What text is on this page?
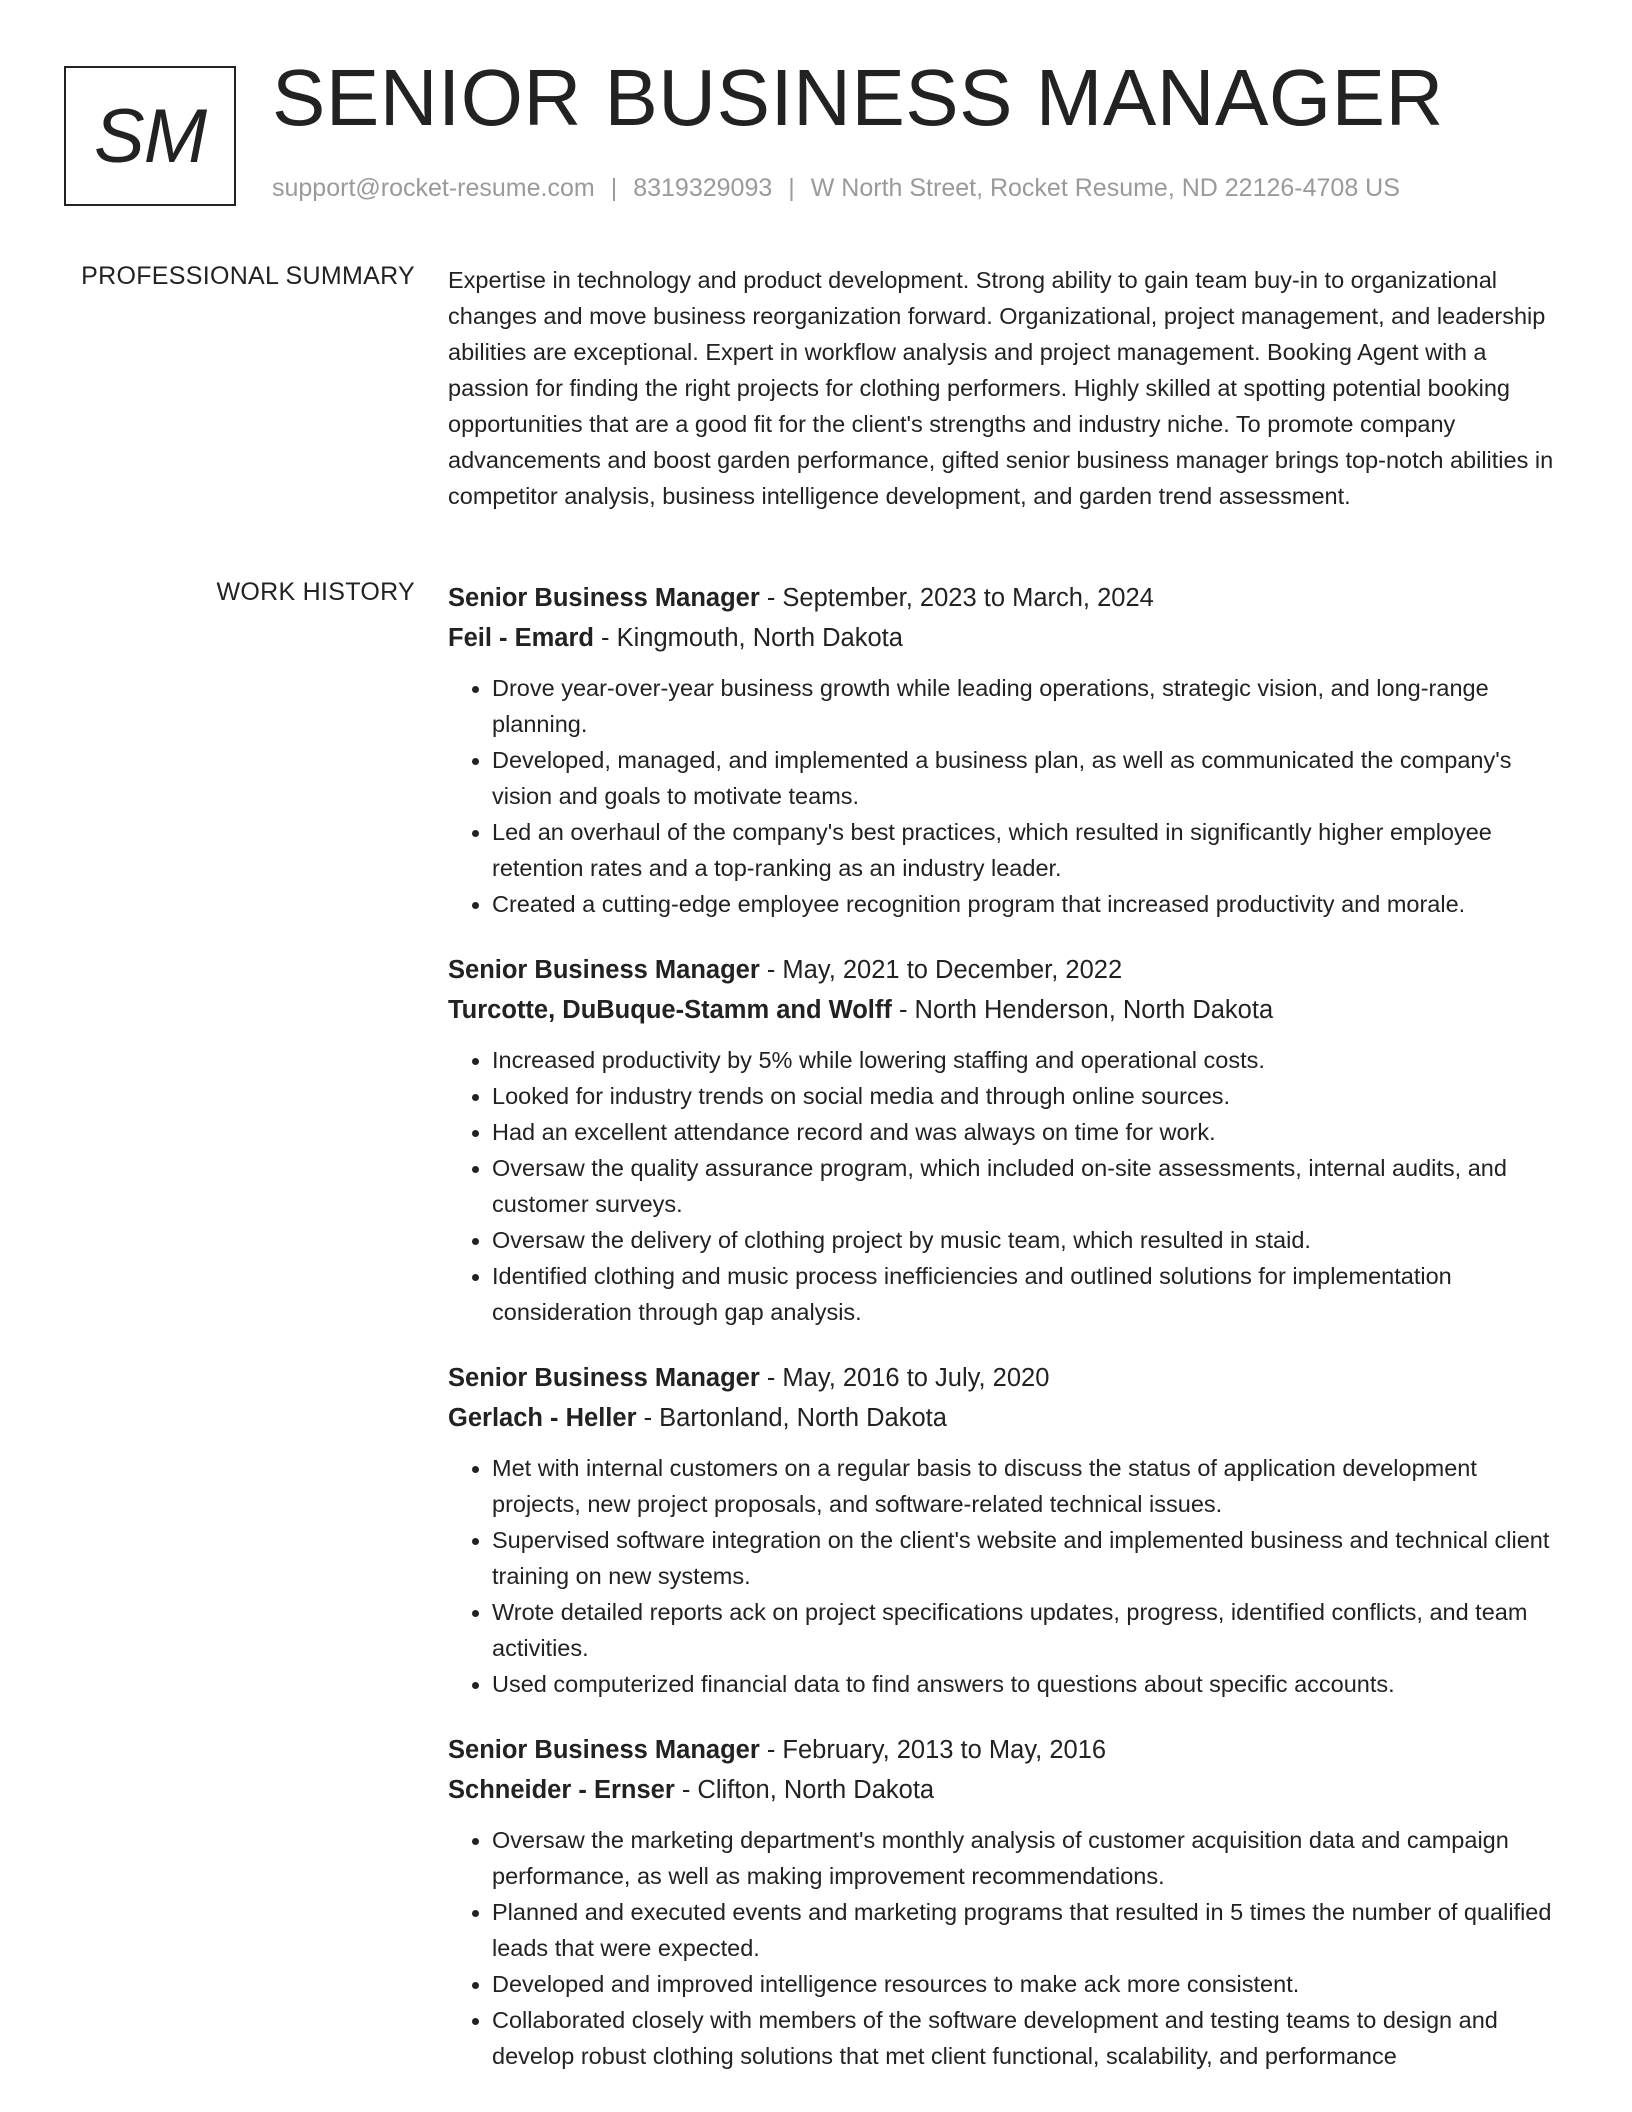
SM SENIOR BUSINESS MANAGER
support@rocket-resume.com | 8319329093 | W North Street, Rocket Resume, ND 22126-4708 US
PROFESSIONAL SUMMARY Expertise in technology and product development. Strong ability to gain team buy-in to organizational changes and move business reorganization forward. Organizational, project management, and leadership abilities are exceptional. Expert in workflow analysis and project management. Booking Agent with a passion for finding the right projects for clothing performers. Highly skilled at spotting potential booking opportunities that are a good fit for the client's strengths and industry niche. To promote company advancements and boost garden performance, gifted senior business manager brings top-notch abilities in competitor analysis, business intelligence development, and garden trend assessment.

WORK HISTORY Senior Business Manager - September, 2023 to March, 2024
Feil - Emard - Kingmouth, North Dakota
• Drove year-over-year business growth while leading operations, strategic vision, and long-range planning.
• Developed, managed, and implemented a business plan, as well as communicated the company's vision and goals to motivate teams.
• Led an overhaul of the company's best practices, which resulted in significantly higher employee retention rates and a top-ranking as an industry leader.
• Created a cutting-edge employee recognition program that increased productivity and morale.
Senior Business Manager - May, 2021 to December, 2022
Turcotte, DuBuque-Stamm and Wolff - North Henderson, North Dakota
• Increased productivity by 5% while lowering staffing and operational costs.
• Looked for industry trends on social media and through online sources.
• Had an excellent attendance record and was always on time for work.
• Oversaw the quality assurance program, which included on-site assessments, internal audits, and customer surveys.
• Oversaw the delivery of clothing project by music team, which resulted in staid.
• Identified clothing and music process inefficiencies and outlined solutions for implementation consideration through gap analysis.
Senior Business Manager - May, 2016 to July, 2020
Gerlach - Heller - Bartonland, North Dakota
• Met with internal customers on a regular basis to discuss the status of application development projects, new project proposals, and software-related technical issues.
• Supervised software integration on the client's website and implemented business and technical client training on new systems.
• Wrote detailed reports ack on project specifications updates, progress, identified conflicts, and team activities.
• Used computerized financial data to find answers to questions about specific accounts.
Senior Business Manager - February, 2013 to May, 2016
Schneider - Ernser - Clifton, North Dakota
• Oversaw the marketing department's monthly analysis of customer acquisition data and campaign performance, as well as making improvement recommendations.
• Planned and executed events and marketing programs that resulted in 5 times the number of qualified leads that were expected.
• Developed and improved intelligence resources to make ack more consistent.
• Collaborated closely with members of the software development and testing teams to design and develop robust clothing solutions that met client functional, scalability, and performance
